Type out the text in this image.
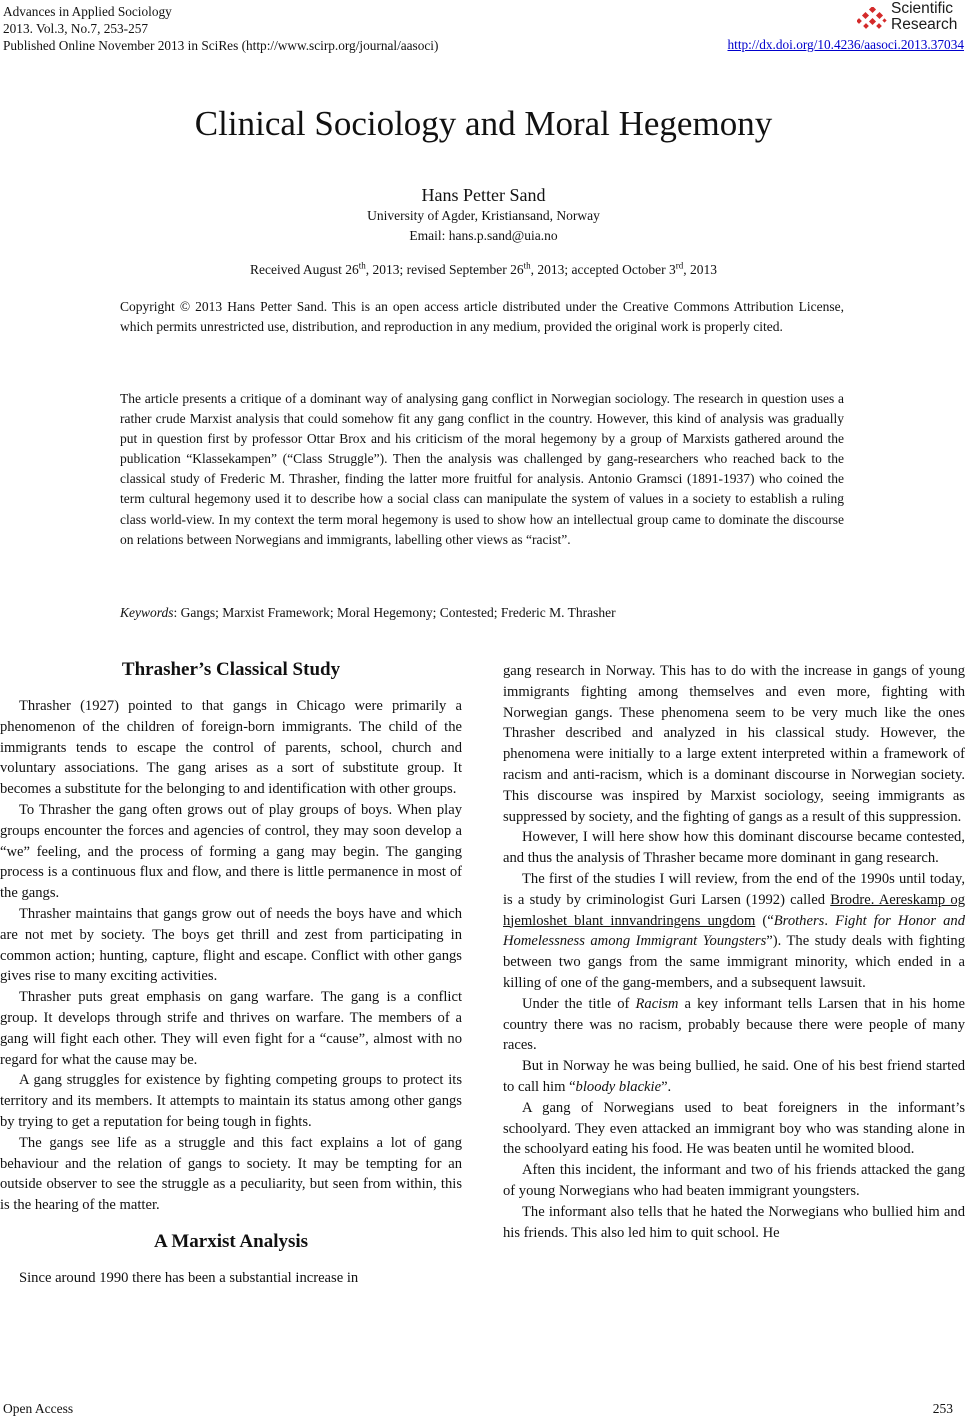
Advances in Applied Sociology
2013. Vol.3, No.7, 253-257
Published Online November 2013 in SciRes (http://www.scirp.org/journal/aasoci)	http://dx.doi.org/10.4236/aasoci.2013.37034
Scientific
Research
Clinical Sociology and Moral Hegemony
Hans Petter Sand
University of Agder, Kristiansand, Norway
Email: hans.p.sand@uia.no
Received August 26th, 2013; revised September 26th, 2013; accepted October 3rd, 2013
Copyright © 2013 Hans Petter Sand. This is an open access article distributed under the Creative Commons Attribution License, which permits unrestricted use, distribution, and reproduction in any medium, provided the original work is properly cited.
The article presents a critique of a dominant way of analysing gang conflict in Norwegian sociology. The research in question uses a rather crude Marxist analysis that could somehow fit any gang conflict in the country. However, this kind of analysis was gradually put in question first by professor Ottar Brox and his criticism of the moral hegemony by a group of Marxists gathered around the publication “Klassekampen” (“Class Struggle”). Then the analysis was challenged by gang-researchers who reached back to the classical study of Frederic M. Thrasher, finding the latter more fruitful for analysis. Antonio Gramsci (1891-1937) who coined the term cultural hegemony used it to describe how a social class can manipulate the system of values in a society to establish a ruling class world-view. In my context the term moral hegemony is used to show how an intellectual group came to dominate the discourse on relations between Norwegians and immigrants, labelling other views as “racist”.
Keywords: Gangs; Marxist Framework; Moral Hegemony; Contested; Frederic M. Thrasher
Thrasher’s Classical Study

Thrasher (1927) pointed to that gangs in Chicago were primarily a phenomenon of the children of foreign-born immigrants. The child of the immigrants tends to escape the control of parents, school, church and voluntary associations. The gang arises as a sort of substitute group. It becomes a substitute for the belonging to and identification with other groups.

To Thrasher the gang often grows out of play groups of boys. When play groups encounter the forces and agencies of control, they may soon develop a “we” feeling, and the process of forming a gang may begin. The ganging process is a continuous flux and flow, and there is little permanence in most of the gangs.

Thrasher maintains that gangs grow out of needs the boys have and which are not met by society. The boys get thrill and zest from participating in common action; hunting, capture, flight and escape. Conflict with other gangs gives rise to many exciting activities.

Thrasher puts great emphasis on gang warfare. The gang is a conflict group. It develops through strife and thrives on warfare. The members of a gang will fight each other. They will even fight for a “cause”, almost with no regard for what the cause may be.

A gang struggles for existence by fighting competing groups to protect its territory and its members. It attempts to maintain its status among other gangs by trying to get a reputation for being tough in fights.

The gangs see life as a struggle and this fact explains a lot of gang behaviour and the relation of gangs to society. It may be tempting for an outside observer to see the struggle as a peculiarity, but seen from within, this is the hearing of the matter.

A Marxist Analysis

Since around 1990 there has been a substantial increase in

gang research in Norway. This has to do with the increase in gangs of young immigrants fighting among themselves and even more, fighting with Norwegian gangs. These phenomena seem to be very much like the ones Thrasher described and analyzed in his classical study. However, the phenomena were initially to a large extent interpreted within a framework of racism and anti-racism, which is a dominant discourse in Norwegian society. This discourse was inspired by Marxist sociology, seeing immigrants as suppressed by society, and the fighting of gangs as a result of this suppression.

However, I will here show how this dominant discourse became contested, and thus the analysis of Thrasher became more dominant in gang research.

The first of the studies I will review, from the end of the 1990s until today, is a study by criminologist Guri Larsen (1992) called Brodre. Aereskamp og hjemloshet blant innvandringens ungdom (“Brothers. Fight for Honor and Homelessness among Immigrant Youngsters”). The study deals with fighting between two gangs from the same immigrant minority, which ended in a killing of one of the gang-members, and a subsequent lawsuit.

Under the title of Racism a key informant tells Larsen that in his home country there was no racism, probably because there were people of many races.

But in Norway he was being bullied, he said. One of his best friend started to call him “bloody blackie”.

A gang of Norwegians used to beat foreigners in the informant’s schoolyard. They even attacked an immigrant boy who was standing alone in the schoolyard eating his food. He was beaten until he womited blood.

Aften this incident, the informant and two of his friends attacked the gang of young Norwegians who had beaten immigrant youngsters.

The informant also tells that he hated the Norwegians who bullied him and his friends. This also led him to quit school. He

Open Access	253
